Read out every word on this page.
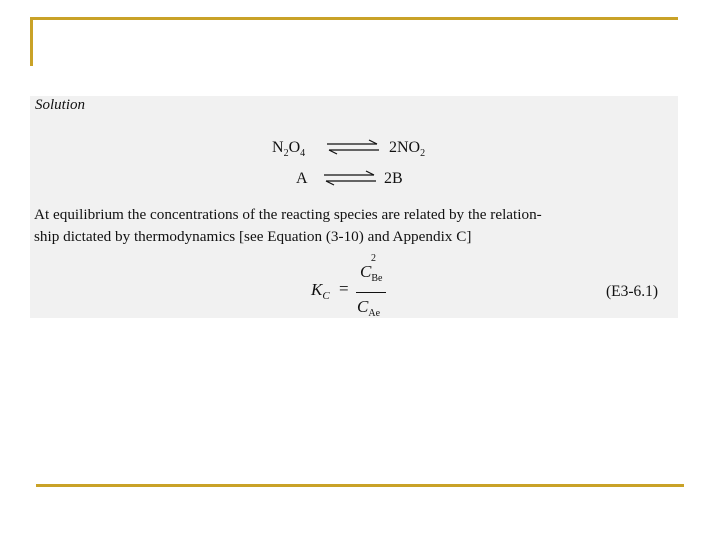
Solution
$N_2O_4$ ⇌ $2NO_2$
A ⇌ 2B
At equilibrium the concentrations of the reacting species are related by the relation-
ship dictated by thermodynamics [see Equation (3-10) and Appendix C]
$K_C$ =
C
2
$_{Be}$
$C_{Ae}$
(E3-6.1)
